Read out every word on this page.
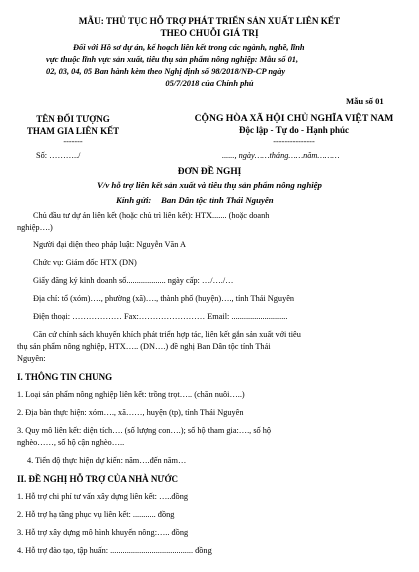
MẪU: THỦ TỤC HỖ TRỢ PHÁT TRIỂN SẢN XUẤT LIÊN KẾT
THEO CHUỖI GIÁ TRỊ
Đối với Hồ sơ dự án, kế hoạch liên kết trong các ngành, nghề, lĩnh
vực thuộc lĩnh vực sản xuất, tiêu thụ sản phẩm nông nghiệp: Mẫu số 01,
02, 03, 04, 05 Ban hành kèm theo Nghị định số 98/2018/NĐ-CP ngày
05/7/2018 của Chính phủ
Mẫu số 01
TÊN ĐỐI TƯỢNG
THAM GIA LIÊN KẾT
-------
Số: ………../
CỘNG HÒA XÃ HỘI CHỦ NGHĨA VIỆT NAM
Độc lập - Tự do - Hạnh phúc
---------------
......, ngày……tháng……năm………
ĐƠN ĐỀ NGHỊ
V/v hỗ trợ liên kết sản xuất và tiêu thụ sản phẩm nông nghiệp
Kính gửi: Ban Dân tộc tỉnh Thái Nguyên
Chủ đầu tư dự án liên kết (hoặc chủ trì liên kết): HTX....... (hoặc doanh
nghiệp….)
Người đại diện theo pháp luật: Nguyễn Văn A
Chức vụ: Giám đốc HTX (DN)
Giấy đăng ký kinh doanh số................... ngày cấp: …/…./…
Địa chỉ: tổ (xóm)…., phường (xã)…., thành phố (huyện)…., tỉnh Thái Nguyên
Điện thoại: ……………… Fax:…………………… Email: ...........................
Căn cứ chính sách khuyến khích phát triển hợp tác, liên kết gắn sản xuất với tiêu
thụ sản phẩm nông nghiệp, HTX….. (DN….) đề nghị Ban Dân tộc tỉnh Thái
Nguyên:
I. THÔNG TIN CHUNG
1. Loại sản phẩm nông nghiệp liên kết: trồng trọt….. (chăn nuôi…..)
2. Địa bàn thực hiện: xóm…., xã……, huyện (tp), tỉnh Thái Nguyên
3. Quy mô liên kết: diện tích…. (số lượng con….); số hộ tham gia:…., số hộ
nghèo……, số hộ cận nghèo…..
4. Tiến độ thực hiện dự kiến: năm….đến năm…
II. ĐỀ NGHỊ HỖ TRỢ CỦA NHÀ NƯỚC
1. Hỗ trợ chi phí tư vấn xây dựng liên kết: …..đồng
2. Hỗ trợ hạ tầng phục vụ liên kết: ........... đồng
3. Hỗ trợ xây dựng mô hình khuyến nông:….. đồng
4. Hỗ trợ đào tạo, tập huấn: ........................................ đồng
